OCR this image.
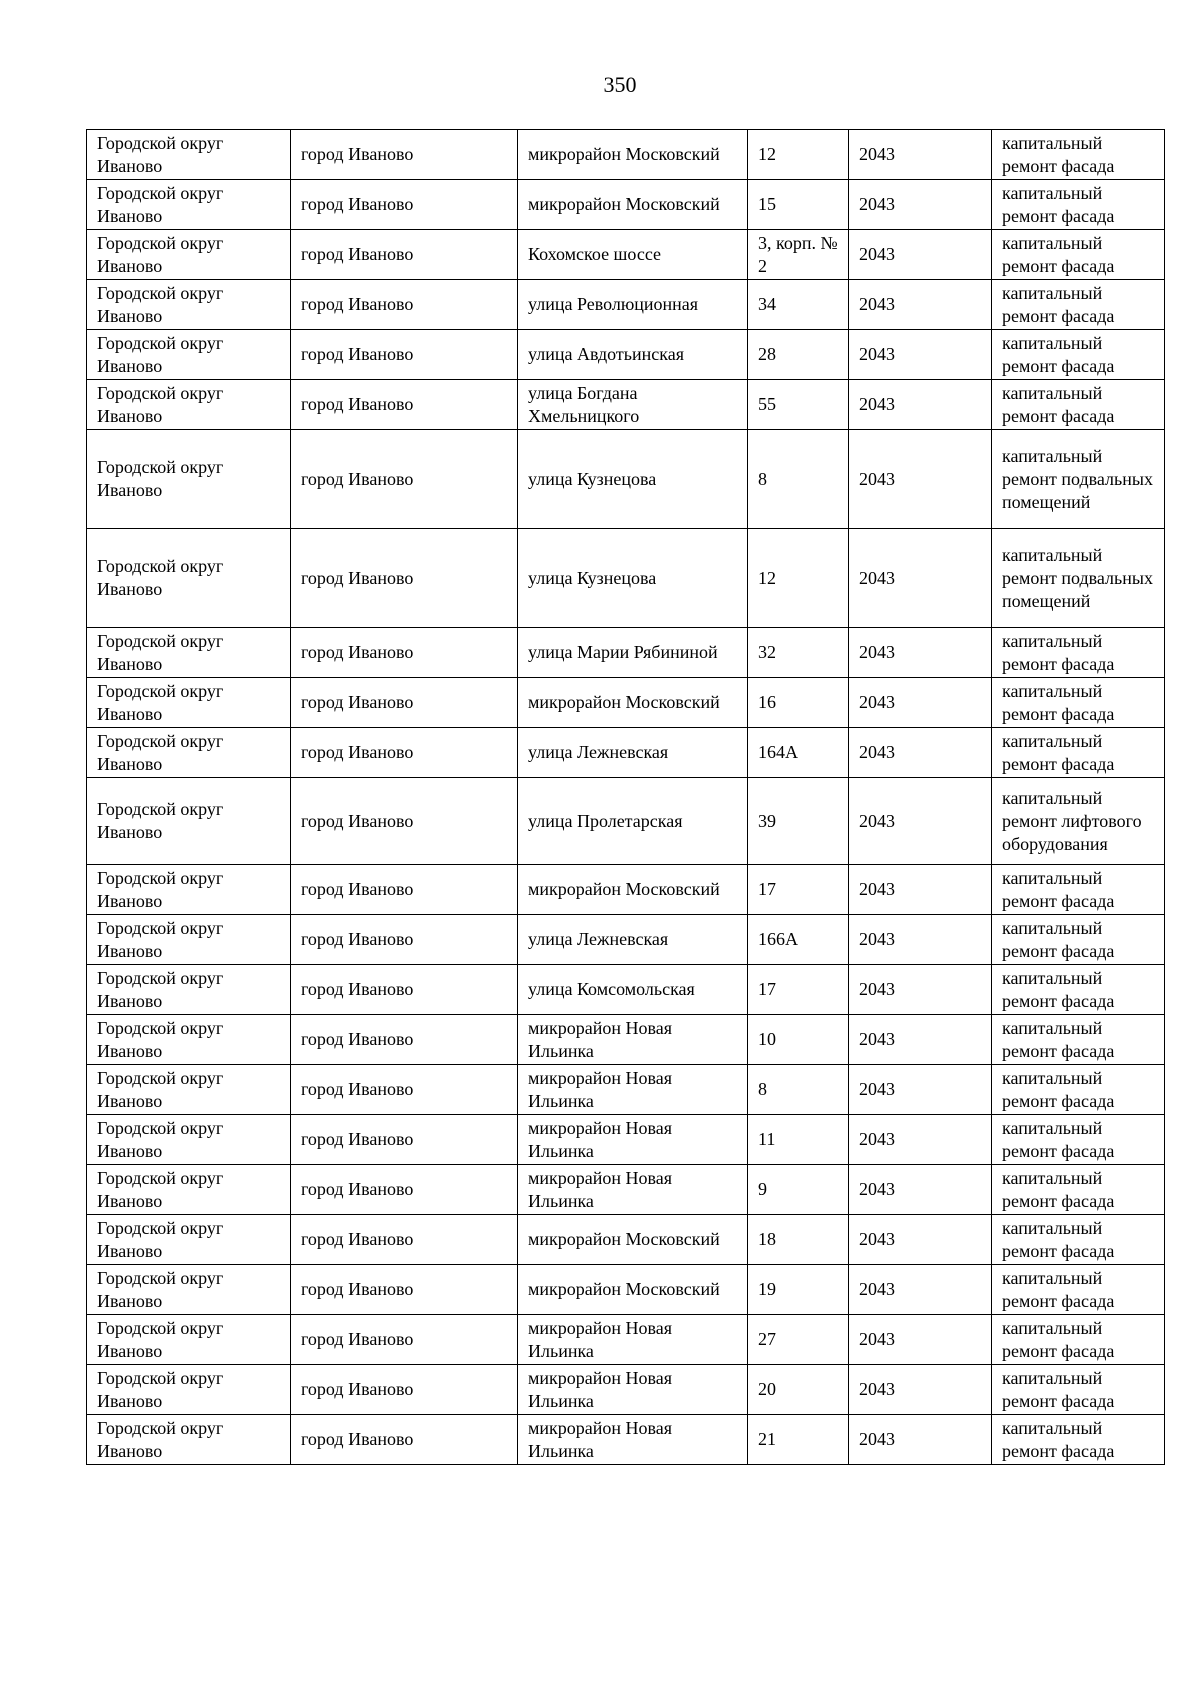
350
Городской округ Иваново	город Иваново	микрорайон Московский	12	2043	капитальный ремонт фасада
Городской округ Иваново	город Иваново	микрорайон Московский	15	2043	капитальный ремонт фасада
Городской округ Иваново	город Иваново	Кохомское шоссе	3, корп. № 2	2043	капитальный ремонт фасада
Городской округ Иваново	город Иваново	улица Революционная	34	2043	капитальный ремонт фасада
Городской округ Иваново	город Иваново	улица Авдотьинская	28	2043	капитальный ремонт фасада
Городской округ Иваново	город Иваново	улица Богдана Хмельницкого	55	2043	капитальный ремонт фасада
Городской округ Иваново	город Иваново	улица Кузнецова	8	2043	капитальный ремонт подвальных помещений
Городской округ Иваново	город Иваново	улица Кузнецова	12	2043	капитальный ремонт подвальных помещений
Городской округ Иваново	город Иваново	улица Марии Рябининой	32	2043	капитальный ремонт фасада
Городской округ Иваново	город Иваново	микрорайон Московский	16	2043	капитальный ремонт фасада
Городской округ Иваново	город Иваново	улица Лежневская	164А	2043	капитальный ремонт фасада
Городской округ Иваново	город Иваново	улица Пролетарская	39	2043	капитальный ремонт лифтового оборудования
Городской округ Иваново	город Иваново	микрорайон Московский	17	2043	капитальный ремонт фасада
Городской округ Иваново	город Иваново	улица Лежневская	166А	2043	капитальный ремонт фасада
Городской округ Иваново	город Иваново	улица Комсомольская	17	2043	капитальный ремонт фасада
Городской округ Иваново	город Иваново	микрорайон Новая Ильинка	10	2043	капитальный ремонт фасада
Городской округ Иваново	город Иваново	микрорайон Новая Ильинка	8	2043	капитальный ремонт фасада
Городской округ Иваново	город Иваново	микрорайон Новая Ильинка	11	2043	капитальный ремонт фасада
Городской округ Иваново	город Иваново	микрорайон Новая Ильинка	9	2043	капитальный ремонт фасада
Городской округ Иваново	город Иваново	микрорайон Московский	18	2043	капитальный ремонт фасада
Городской округ Иваново	город Иваново	микрорайон Московский	19	2043	капитальный ремонт фасада
Городской округ Иваново	город Иваново	микрорайон Новая Ильинка	27	2043	капитальный ремонт фасада
Городской округ Иваново	город Иваново	микрорайон Новая Ильинка	20	2043	капитальный ремонт фасада
Городской округ Иваново	город Иваново	микрорайон Новая Ильинка	21	2043	капитальный ремонт фасада
